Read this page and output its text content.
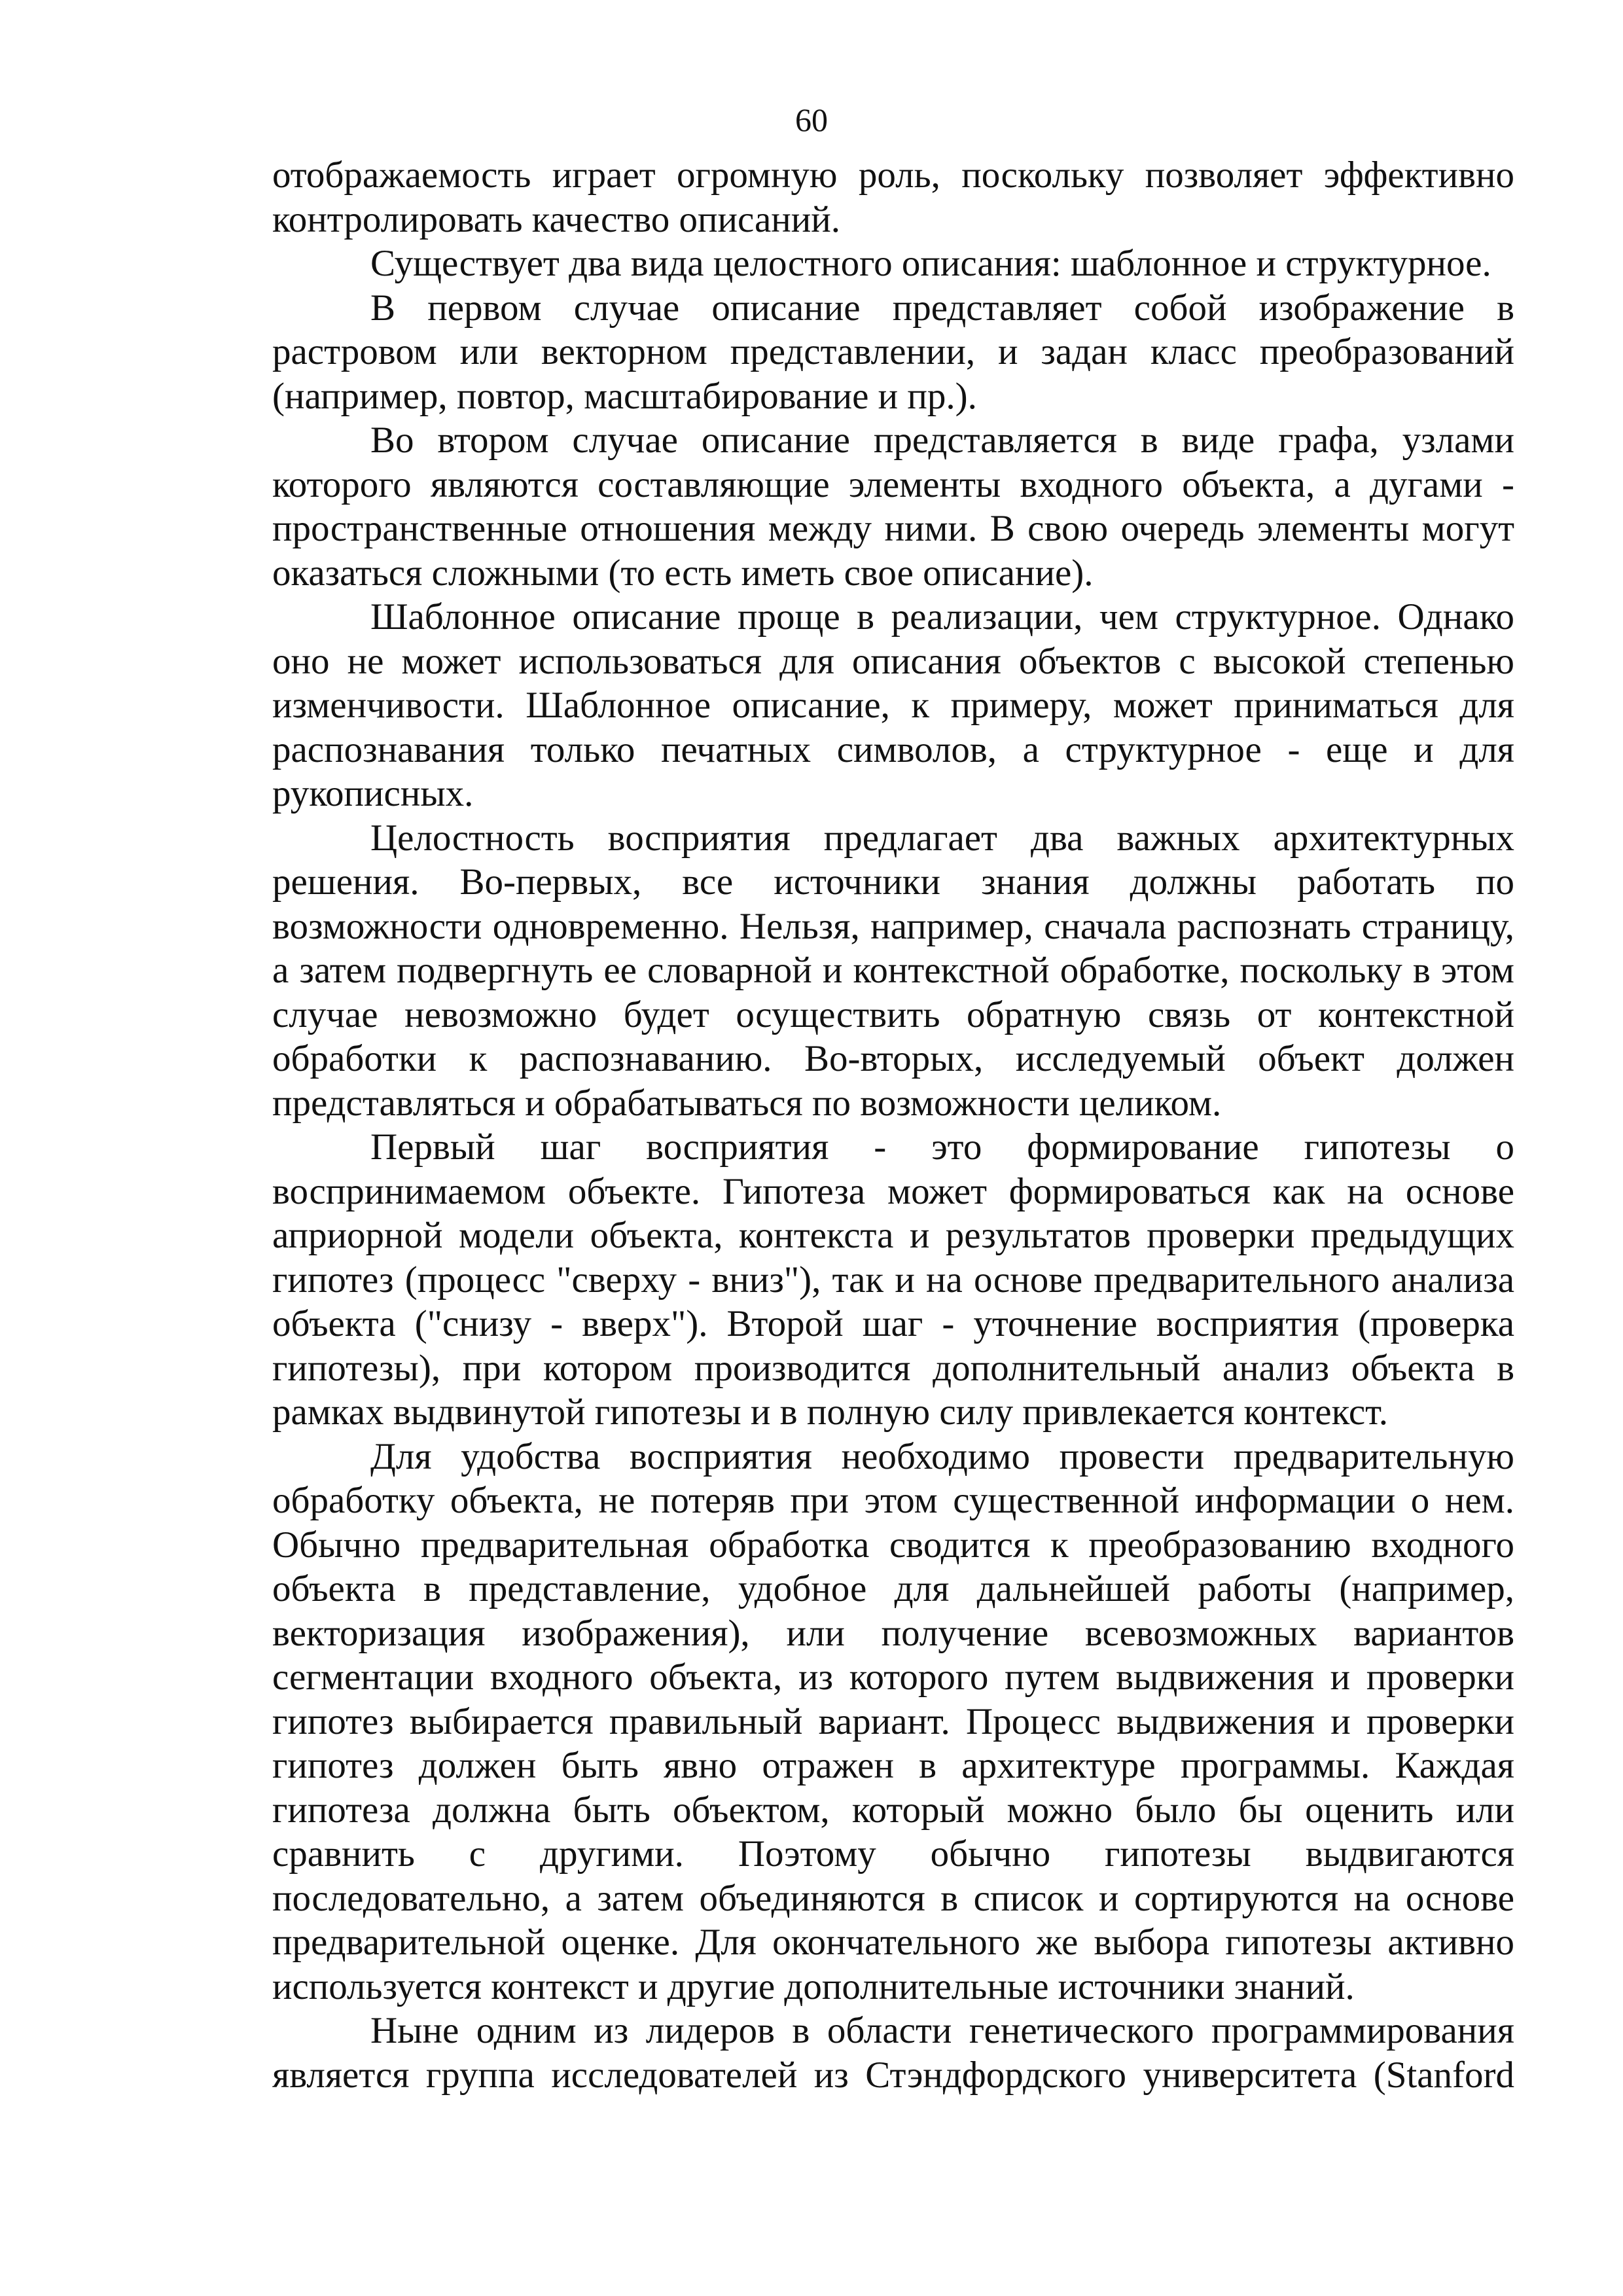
60

отображаемость играет огромную роль, поскольку позволяет эффективно контролировать качество описаний.

Существует два вида целостного описания: шаблонное и структурное.

В первом случае описание представляет собой изображение в растровом или векторном представлении, и задан класс преобразований (например, повтор, масштабирование и пр.).

Во втором случае описание представляется в виде графа, узлами которого являются составляющие элементы входного объекта, а дугами - пространственные отношения между ними. В свою очередь элементы могут оказаться сложными (то есть иметь свое описание).

Шаблонное описание проще в реализации, чем структурное. Однако оно не может использоваться для описания объектов с высокой степенью изменчивости. Шаблонное описание, к примеру, может приниматься для распознавания только печатных символов, а структурное - еще и для рукописных.

Целостность восприятия предлагает два важных архитектурных решения. Во-первых, все источники знания должны работать по возможности одновременно. Нельзя, например, сначала распознать страницу, а затем подвергнуть ее словарной и контекстной обработке, поскольку в этом случае невозможно будет осуществить обратную связь от контекстной обработки к распознаванию. Во-вторых, исследуемый объект должен представляться и обрабатываться по возможности целиком.

Первый шаг восприятия - это формирование гипотезы о воспринимаемом объекте. Гипотеза может формироваться как на основе априорной модели объекта, контекста и результатов проверки предыдущих гипотез (процесс "сверху - вниз"), так и на основе предварительного анализа объекта ("снизу - вверх"). Второй шаг - уточнение восприятия (проверка гипотезы), при котором производится дополнительный анализ объекта в рамках выдвинутой гипотезы и в полную силу привлекается контекст.

Для удобства восприятия необходимо провести предварительную обработку объекта, не потеряв при этом существенной информации о нем. Обычно предварительная обработка сводится к преобразованию входного объекта в представление, удобное для дальнейшей работы (например, векторизация изображения), или получение всевозможных вариантов сегментации входного объекта, из которого путем выдвижения и проверки гипотез выбирается правильный вариант. Процесс выдвижения и проверки гипотез должен быть явно отражен в архитектуре программы. Каждая гипотеза должна быть объектом, который можно было бы оценить или сравнить с другими. Поэтому обычно гипотезы выдвигаются последовательно, а затем объединяются в список и сортируются на основе предварительной оценке. Для окончательного же выбора гипотезы активно используется контекст и другие дополнительные источники знаний.

Ныне одним из лидеров в области генетического программирования является группа исследователей из Стэндфордского университета (Stanford
